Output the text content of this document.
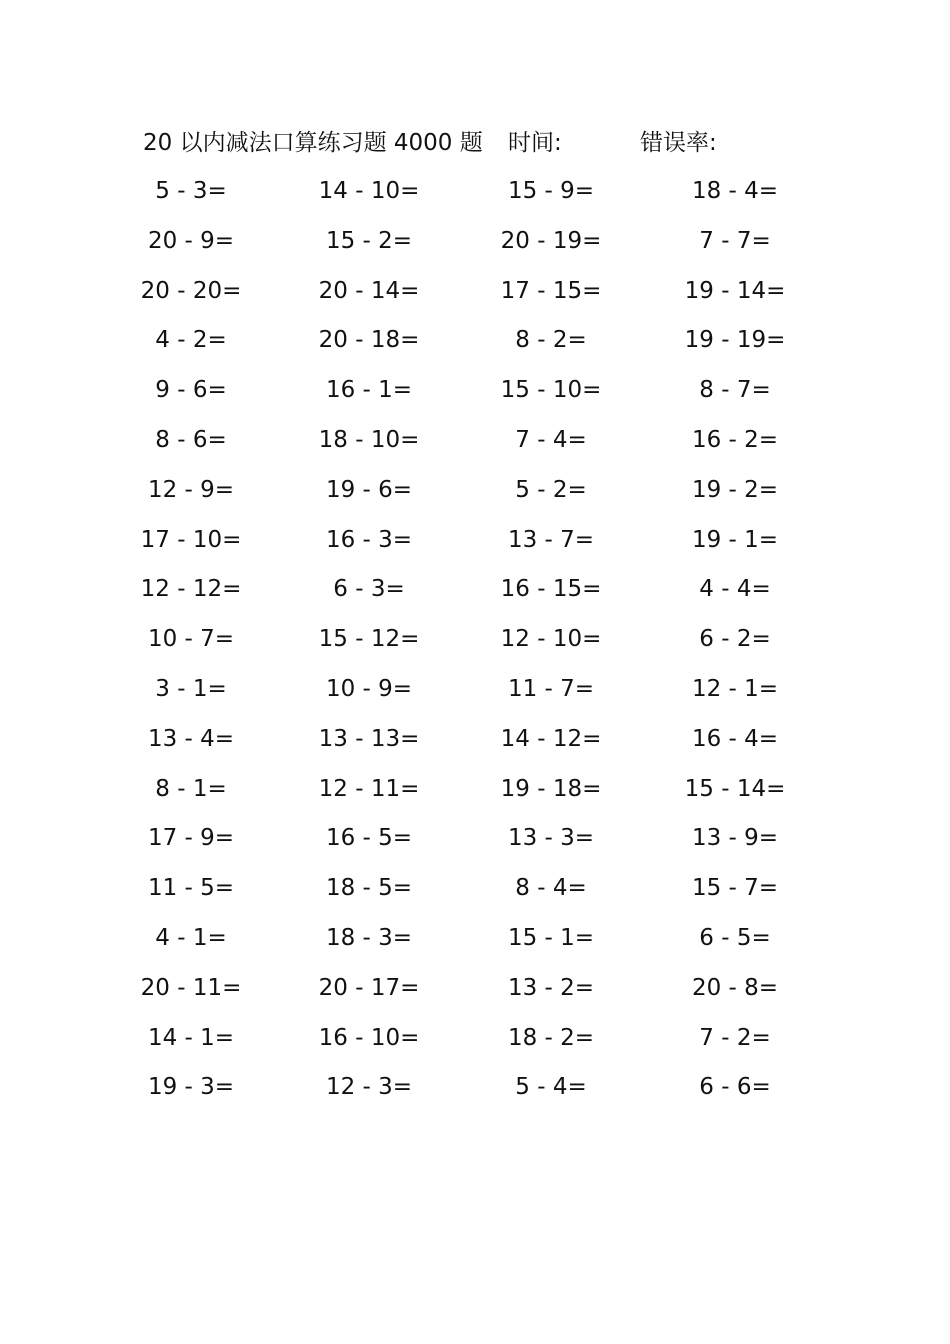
20 以内减法口算练习题 4000 题 时间:	错误率:
5 - 3=	14 - 10=	15 - 9=	18 - 4=
20 - 9=	15 - 2=	20 - 19=	7 - 7=
20 - 20=	20 - 14=	17 - 15=	19 - 14=
4 - 2=	20 - 18=	8 - 2=	19 - 19=
9 - 6=	16 - 1=	15 - 10=	8 - 7=
8 - 6=	18 - 10=	7 - 4=	16 - 2=
12 - 9=	19 - 6=	5 - 2=	19 - 2=
17 - 10=	16 - 3=	13 - 7=	19 - 1=
12 - 12=	6 - 3=	16 - 15=	4 - 4=
10 - 7=	15 - 12=	12 - 10=	6 - 2=
3 - 1=	10 - 9=	11 - 7=	12 - 1=
13 - 4=	13 - 13=	14 - 12=	16 - 4=
8 - 1=	12 - 11=	19 - 18=	15 - 14=
17 - 9=	16 - 5=	13 - 3=	13 - 9=
11 - 5=	18 - 5=	8 - 4=	15 - 7=
4 - 1=	18 - 3=	15 - 1=	6 - 5=
20 - 11=	20 - 17=	13 - 2=	20 - 8=
14 - 1=	16 - 10=	18 - 2=	7 - 2=
19 - 3=	12 - 3=	5 - 4=	6 - 6=
